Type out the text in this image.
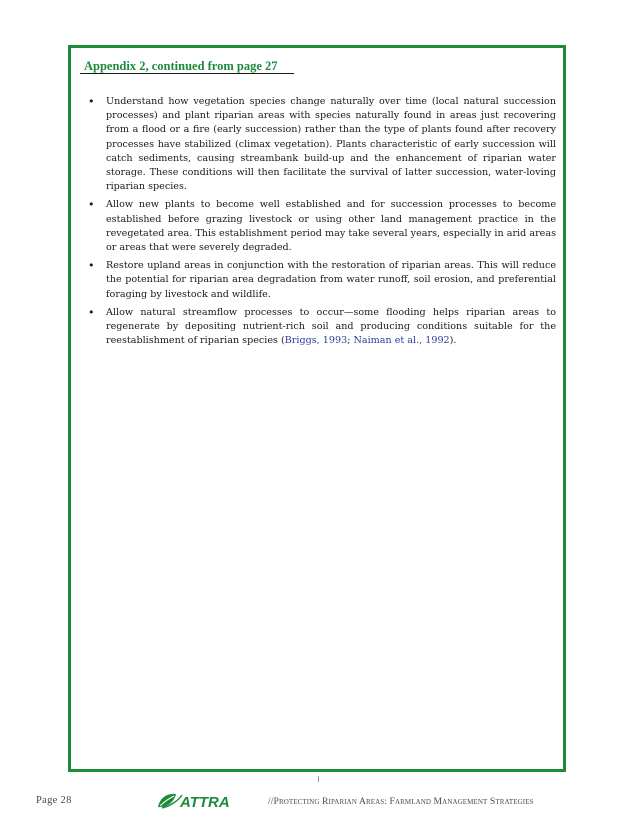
Appendix 2, continued from page 27
• Understand how vegetation species change naturally over time (local natural succession processes) and plant riparian areas with species naturally found in areas just recovering from a flood or a fire (early succession) rather than the type of plants found after recovery processes have stabilized (climax vegetation). Plants characteristic of early succession will catch sediments, causing streambank build-up and the enhancement of riparian water storage. These conditions will then facilitate the survival of latter succession, water-loving riparian species.
• Allow new plants to become well established and for succession processes to become established before grazing livestock or using other land management practice in the revegetated area. This establishment period may take several years, especially in arid areas or areas that were severely degraded.
• Restore upland areas in conjunction with the restoration of riparian areas. This will reduce the potential for riparian area degradation from water runoff, soil erosion, and preferential foraging by livestock and wildlife.
• Allow natural streamflow processes to occur—some flooding helps riparian areas to regenerate by depositing nutrient-rich soil and producing conditions suitable for the reestablishment of riparian species (Briggs, 1993; Naiman et al., 1992).
Page 28	ATTRA	//Protecting Riparian Areas: Farmland Management Strategies
